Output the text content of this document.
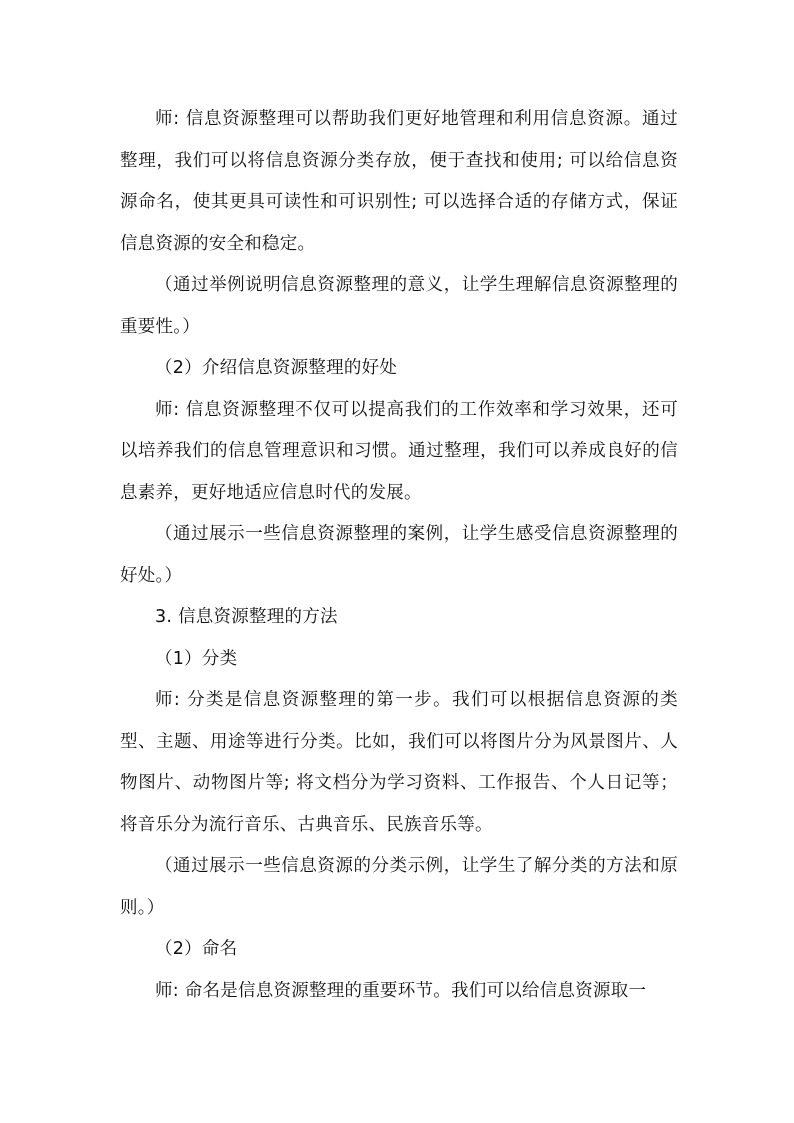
师: 信息资源整理可以帮助我们更好地管理和利用信息资源。通过整理，我们可以将信息资源分类存放，便于查找和使用; 可以给信息资源命名，使其更具可读性和可识别性; 可以选择合适的存储方式，保证信息资源的安全和稳定。

（通过举例说明信息资源整理的意义，让学生理解信息资源整理的重要性。）

（2）介绍信息资源整理的好处

师: 信息资源整理不仅可以提高我们的工作效率和学习效果，还可以培养我们的信息管理意识和习惯。通过整理，我们可以养成良好的信息素养，更好地适应信息时代的发展。

（通过展示一些信息资源整理的案例，让学生感受信息资源整理的好处。）

3. 信息资源整理的方法

（1）分类

师: 分类是信息资源整理的第一步。我们可以根据信息资源的类型、主题、用途等进行分类。比如，我们可以将图片分为风景图片、人物图片、动物图片等; 将文档分为学习资料、工作报告、个人日记等；将音乐分为流行音乐、古典音乐、民族音乐等。

（通过展示一些信息资源的分类示例，让学生了解分类的方法和原则。）

（2）命名

师: 命名是信息资源整理的重要环节。我们可以给信息资源取一
